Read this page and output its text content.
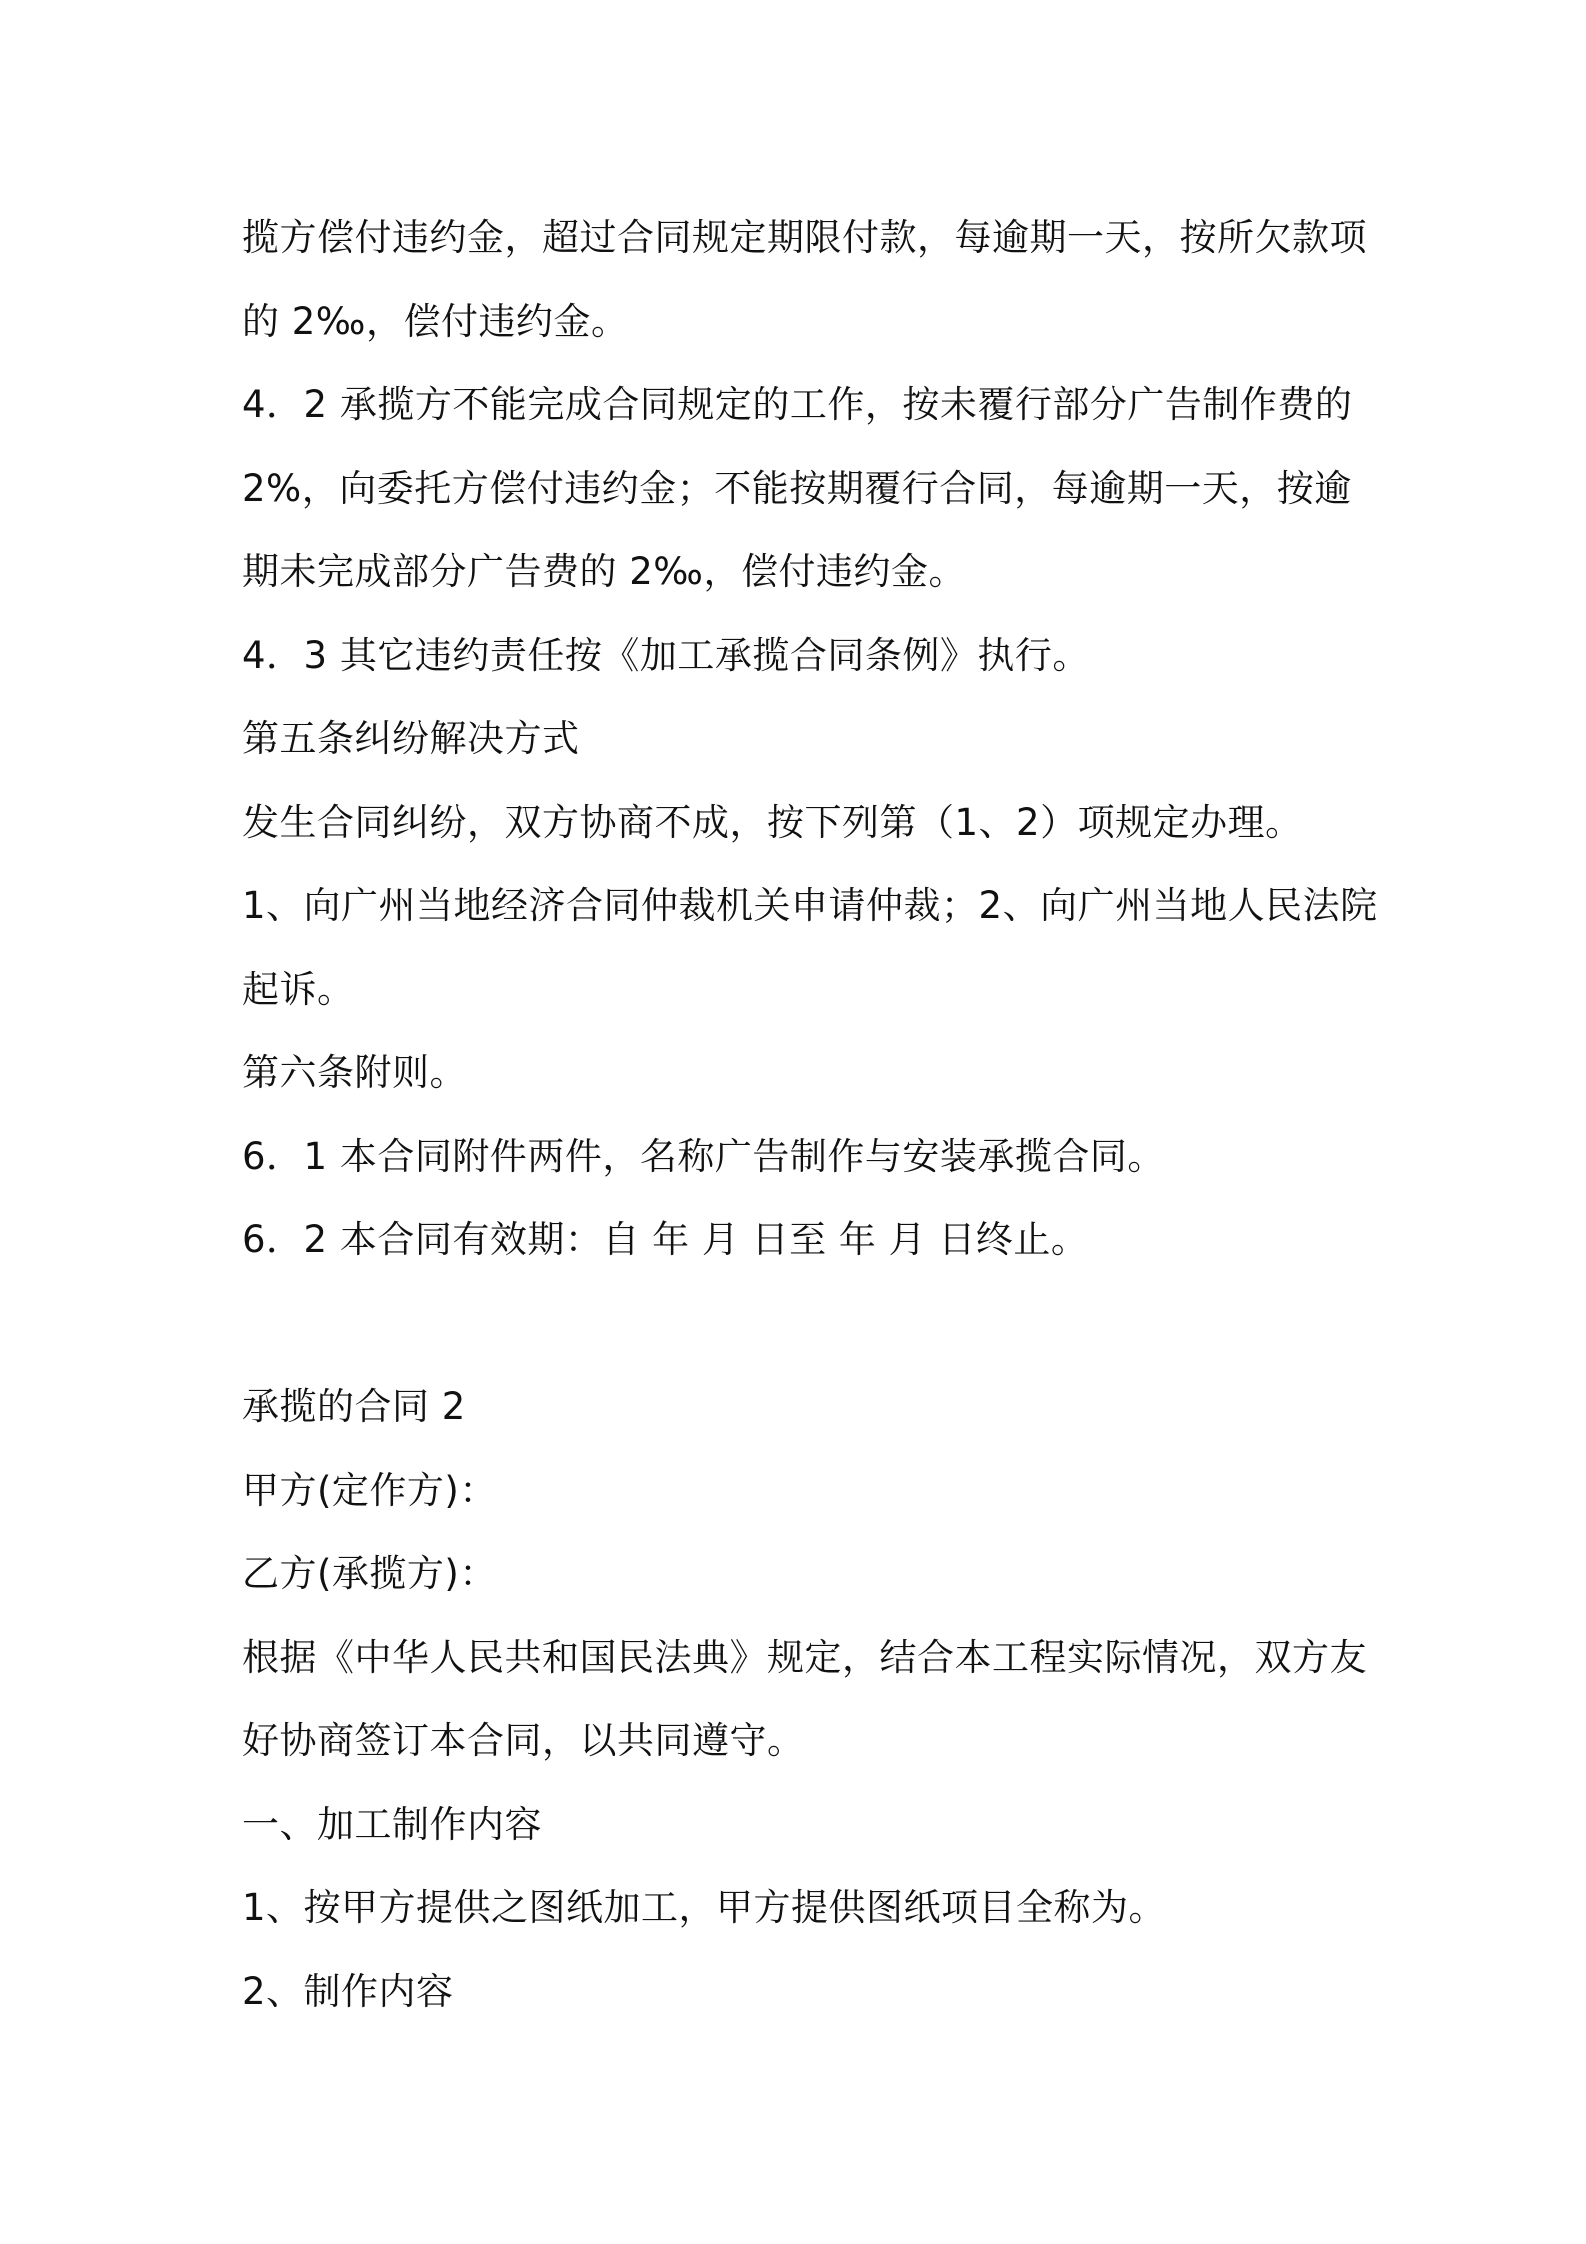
揽方偿付违约金，超过合同规定期限付款，每逾期一天，按所欠款项
的 2‰，偿付违约金。
4．2 承揽方不能完成合同规定的工作，按未覆行部分广告制作费的
2%，向委托方偿付违约金；不能按期覆行合同，每逾期一天，按逾
期未完成部分广告费的 2‰，偿付违约金。
4．3 其它违约责任按《加工承揽合同条例》执行。
第五条纠纷解决方式
发生合同纠纷，双方协商不成，按下列第（1、2）项规定办理。
1、向广州当地经济合同仲裁机关申请仲裁；2、向广州当地人民法院
起诉。
第六条附则。
6．1 本合同附件两件，名称广告制作与安装承揽合同。
6．2 本合同有效期：自 年 月 日至 年 月 日终止。
承揽的合同 2
甲方(定作方)：
乙方(承揽方)：
根据《中华人民共和国民法典》规定，结合本工程实际情况，双方友
好协商签订本合同，以共同遵守。
一、加工制作内容
1、按甲方提供之图纸加工，甲方提供图纸项目全称为。
2、制作内容
